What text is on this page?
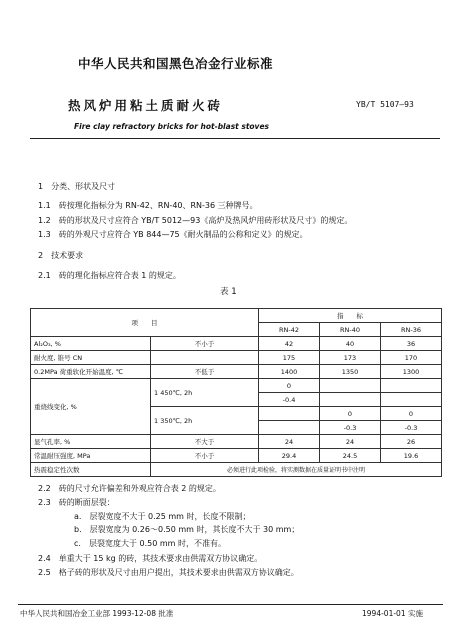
中华人民共和国黑色冶金行业标准
热风炉用粘土质耐火砖	YB/T 5107—93
Fire clay refractory bricks for hot-blast stoves
1　 分类、形状及尺寸
1.1　 砖按理化指标分为 RN-42、RN-40、RN-36 三种牌号。
1.2　 砖的形状及尺寸应符合 YB/T 5012—93《高炉及热风炉用砖形状及尺寸》的规定。
1.3　 砖的外观尺寸应符合 YB 844—75《耐火制品的公称和定义》的规定。
2　 技术要求
2.1　 砖的理化指标应符合表 1 的规定。
表 1
项　　目		指　　标		
		RN-42	RN-40	RN-36
Al₂O₃, %	不小于	42	40	36
耐火度, 锥号 CN		175	173	170
0.2MPa 荷重软化开始温度, ℃	不低于	1400	1350	1300
重烧线变化, %	1 450℃, 2h	0		
		-0.4		
	1 350℃, 2h		0	0
			-0.3	-0.3
显气孔率, %	不大于	24	24	26
常温耐压强度, MPa	不小于	29.4	24.5	19.6
热震稳定性次数	必须进行此项检验，将实测数据在质量证明书中注明			
2.2　 砖的尺寸允许偏差和外观应符合表 2 的规定。
2.3　 砖的断面层裂：
a.　 层裂宽度不大于 0.25 mm 时，长度不限制；
b.　 层裂宽度为 0.26～0.50 mm 时，其长度不大于 30 mm；
c.　 层裂宽度大于 0.50 mm 时，不准有。
2.4　 单重大于 15 kg 的砖，其技术要求由供需双方协议确定。
2.5　 格子砖的形状及尺寸由用户提出，其技术要求由供需双方协议确定。
中华人民共和国冶金工业部 1993-12-08 批准	1994-01-01 实施
